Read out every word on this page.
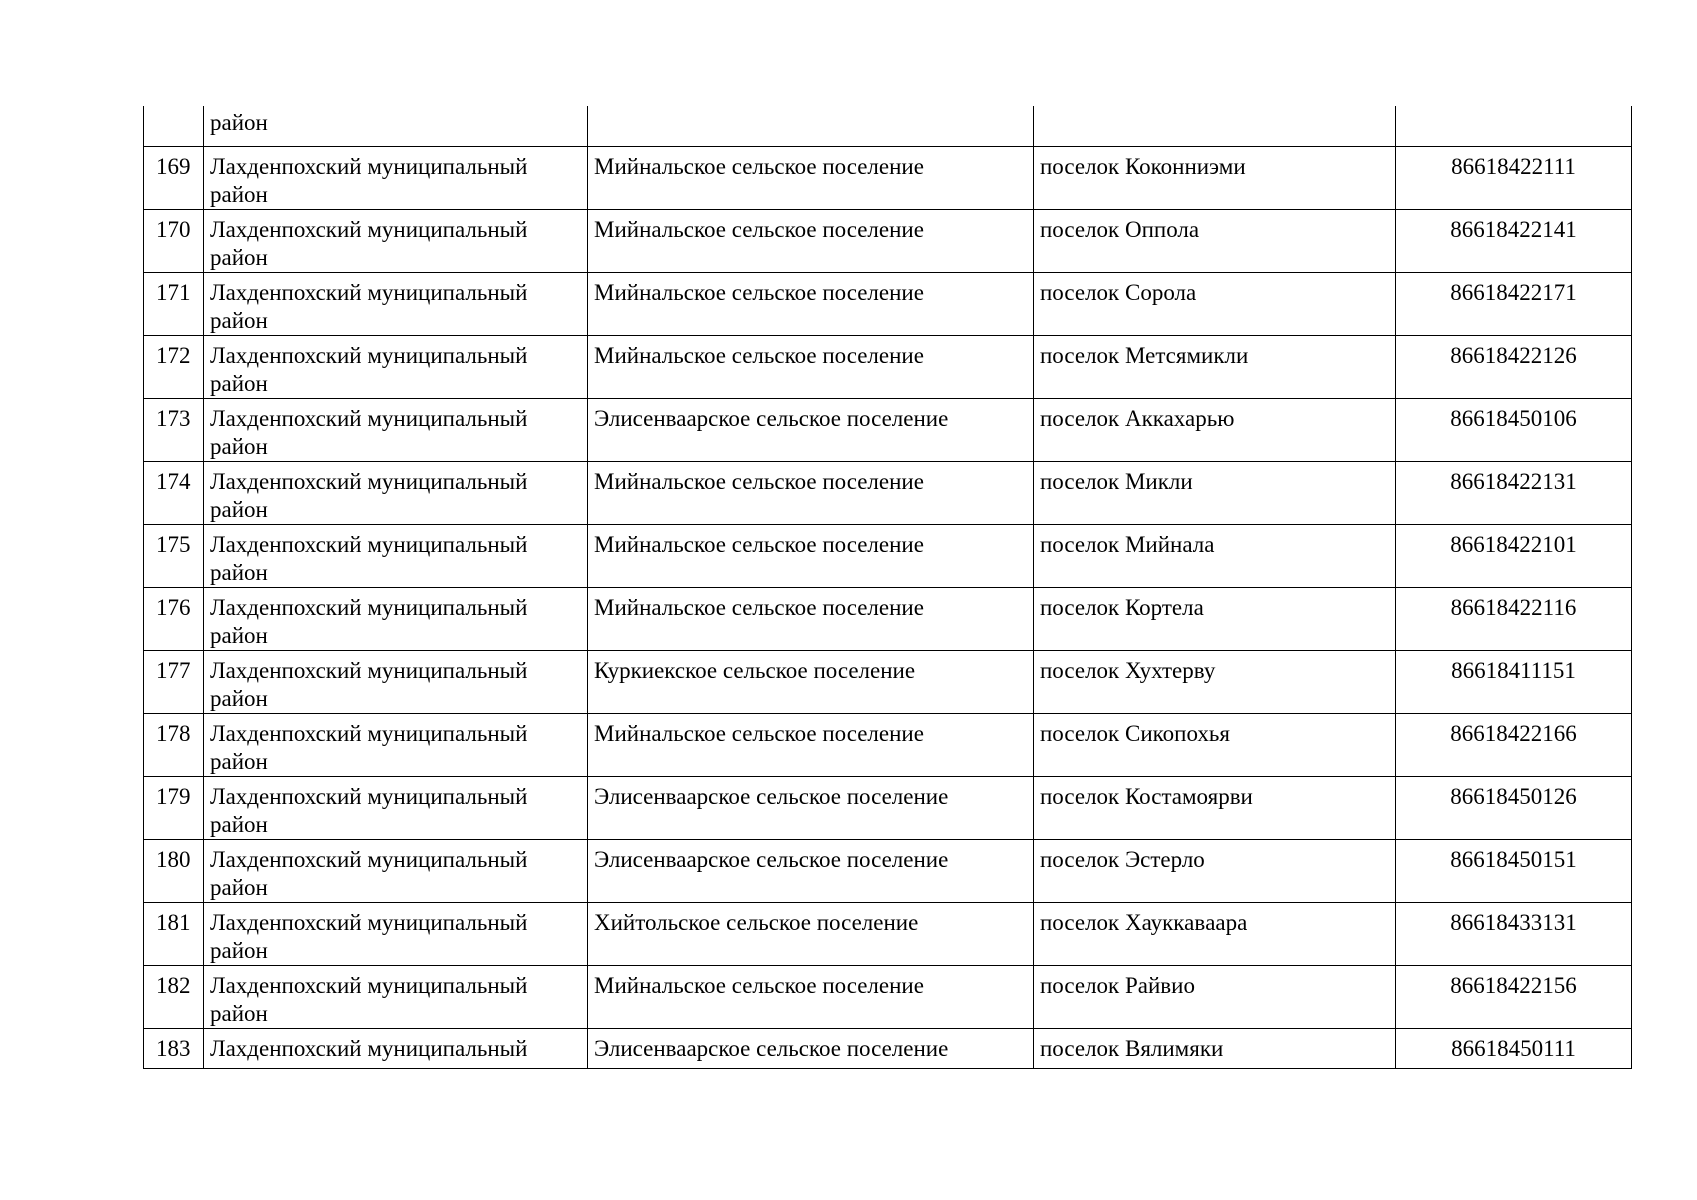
	район			
169	Лахденпохский муниципальный район	Мийнальское сельское поселение	поселок Коконниэми	86618422111
170	Лахденпохский муниципальный район	Мийнальское сельское поселение	поселок Оппола	86618422141
171	Лахденпохский муниципальный район	Мийнальское сельское поселение	поселок Сорола	86618422171
172	Лахденпохский муниципальный район	Мийнальское сельское поселение	поселок Метсямикли	86618422126
173	Лахденпохский муниципальный район	Элисенваарское сельское поселение	поселок Аккахарью	86618450106
174	Лахденпохский муниципальный район	Мийнальское сельское поселение	поселок Микли	86618422131
175	Лахденпохский муниципальный район	Мийнальское сельское поселение	поселок Мийнала	86618422101
176	Лахденпохский муниципальный район	Мийнальское сельское поселение	поселок Кортела	86618422116
177	Лахденпохский муниципальный район	Куркиекское сельское поселение	поселок Хухтерву	86618411151
178	Лахденпохский муниципальный район	Мийнальское сельское поселение	поселок Сикопохья	86618422166
179	Лахденпохский муниципальный район	Элисенваарское сельское поселение	поселок Костамоярви	86618450126
180	Лахденпохский муниципальный район	Элисенваарское сельское поселение	поселок Эстерло	86618450151
181	Лахденпохский муниципальный район	Хийтольское сельское поселение	поселок Хауккавaара	86618433131
182	Лахденпохский муниципальный район	Мийнальское сельское поселение	поселок Райвио	86618422156
183	Лахденпохский муниципальный	Элисенваарское сельское поселение	поселок Вялимяки	86618450111
